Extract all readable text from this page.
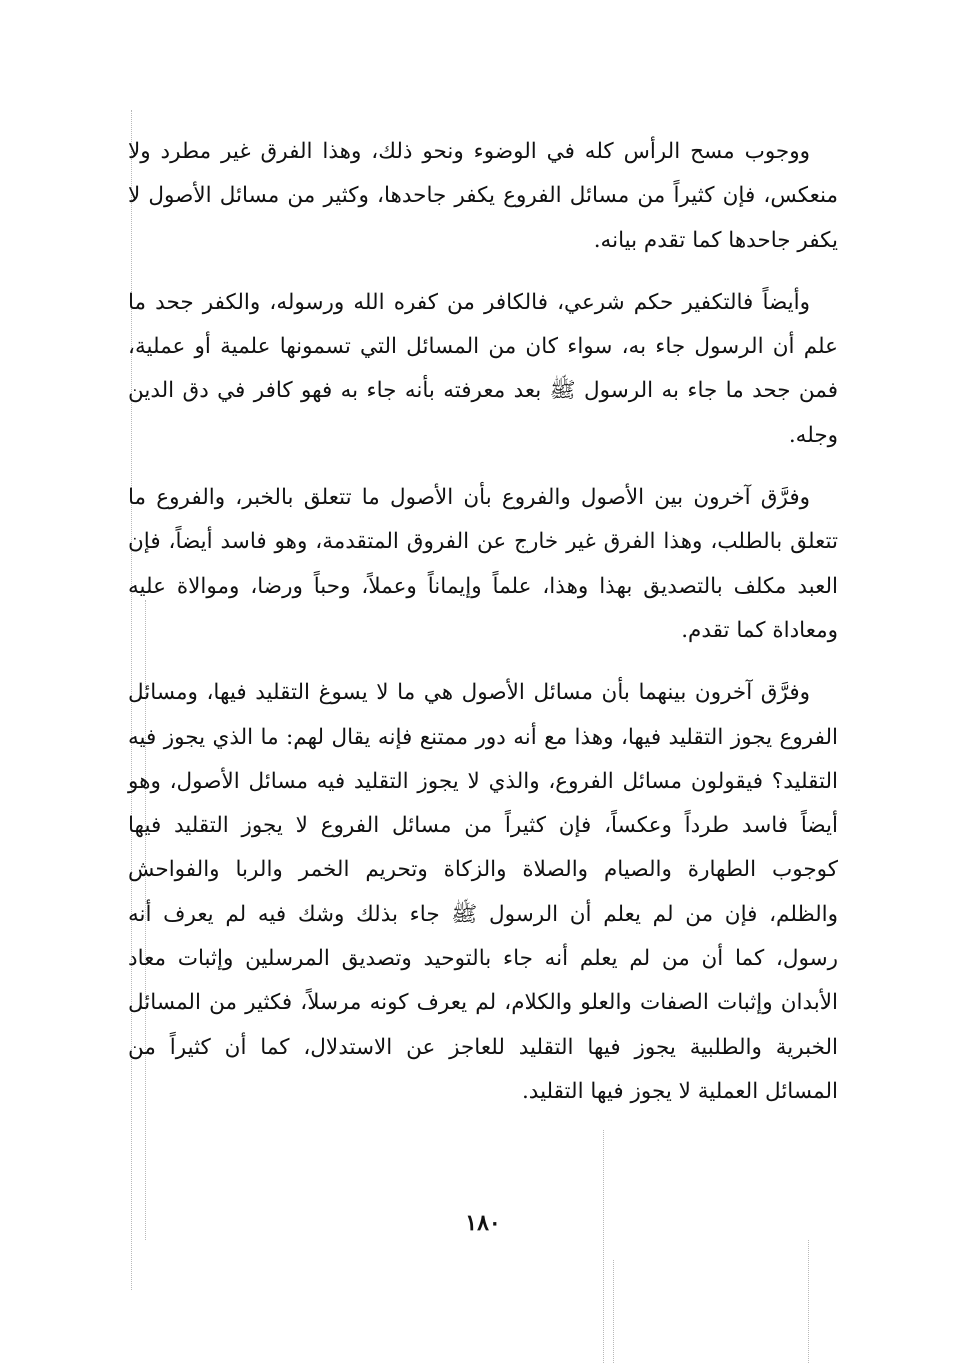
ووجوب مسح الرأس كله في الوضوء ونحو ذلك، وهذا الفرق غير مطرد ولا منعكس، فإن كثيراً من مسائل الفروع يكفر جاحدها، وكثير من مسائل الأصول لا يكفر جاحدها كما تقدم بيانه.

وأيضاً فالتكفير حكم شرعي، فالكافر من كفره الله ورسوله، والكفر جحد ما علم أن الرسول جاء به، سواء كان من المسائل التي تسمونها علمية أو عملية، فمن جحد ما جاء به الرسول ﷺ بعد معرفته بأنه جاء به فهو كافر في دق الدين وجله.

وفرَّق آخرون بين الأصول والفروع بأن الأصول ما تتعلق بالخبر، والفروع ما تتعلق بالطلب، وهذا الفرق غير خارج عن الفروق المتقدمة، وهو فاسد أيضاً، فإن العبد مكلف بالتصديق بهذا وهذا، علماً وإيماناً وعملاً، وحباً ورضا، وموالاة عليه ومعاداة كما تقدم.

وفرَّق آخرون بينهما بأن مسائل الأصول هي ما لا يسوغ التقليد فيها، ومسائل الفروع يجوز التقليد فيها، وهذا مع أنه دور ممتنع فإنه يقال لهم: ما الذي يجوز فيه التقليد؟ فيقولون مسائل الفروع، والذي لا يجوز التقليد فيه مسائل الأصول، وهو أيضاً فاسد طرداً وعكساً، فإن كثيراً من مسائل الفروع لا يجوز التقليد فيها كوجوب الطهارة والصيام والصلاة والزكاة وتحريم الخمر والربا والفواحش والظلم، فإن من لم يعلم أن الرسول ﷺ جاء بذلك وشك فيه لم يعرف أنه رسول، كما أن من لم يعلم أنه جاء بالتوحيد وتصديق المرسلين وإثبات معاد الأبدان وإثبات الصفات والعلو والكلام، لم يعرف كونه مرسلاً، فكثير من المسائل الخبرية والطلبية يجوز فيها التقليد للعاجز عن الاستدلال، كما أن كثيراً من المسائل العملية لا يجوز فيها التقليد.

١٨٠
